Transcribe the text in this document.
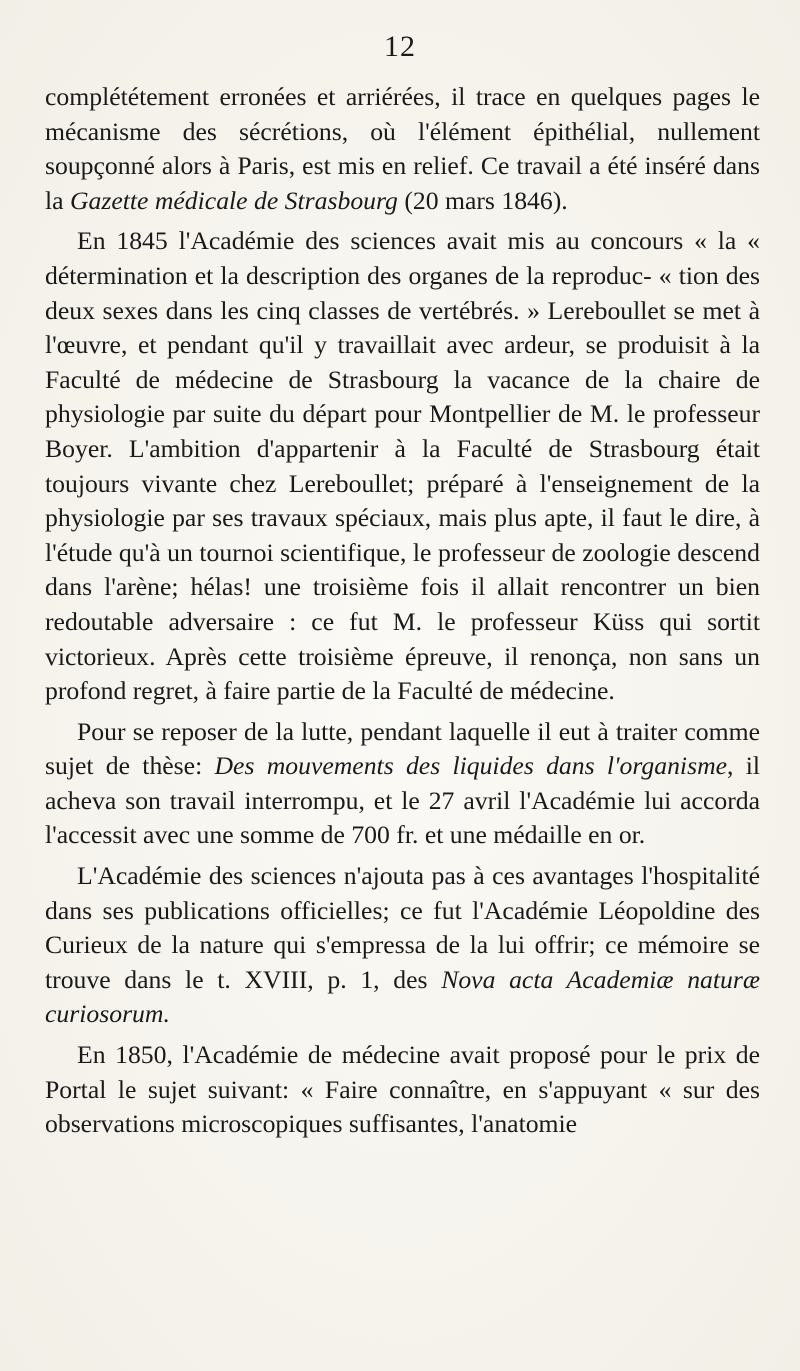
12

complététement erronées et arriérées, il trace en quelques pages le mécanisme des sécrétions, où l'élément épithélial, nullement soupçonné alors à Paris, est mis en relief. Ce travail a été inséré dans la Gazette médicale de Strasbourg (20 mars 1846).

En 1845 l'Académie des sciences avait mis au concours « la « détermination et la description des organes de la reproduc- « tion des deux sexes dans les cinq classes de vertébrés. » Lereboullet se met à l'œuvre, et pendant qu'il y travaillait avec ardeur, se produisit à la Faculté de médecine de Strasbourg la vacance de la chaire de physiologie par suite du départ pour Montpellier de M. le professeur Boyer. L'ambition d'appartenir à la Faculté de Strasbourg était toujours vivante chez Lereboullet; préparé à l'enseignement de la physiologie par ses travaux spéciaux, mais plus apte, il faut le dire, à l'étude qu'à un tournoi scientifique, le professeur de zoologie descend dans l'arène; hélas! une troisième fois il allait rencontrer un bien redoutable adversaire : ce fut M. le professeur Küss qui sortit victorieux. Après cette troisième épreuve, il renonça, non sans un profond regret, à faire partie de la Faculté de médecine.

Pour se reposer de la lutte, pendant laquelle il eut à traiter comme sujet de thèse: Des mouvements des liquides dans l'organisme, il acheva son travail interrompu, et le 27 avril l'Académie lui accorda l'accessit avec une somme de 700 fr. et une médaille en or.

L'Académie des sciences n'ajouta pas à ces avantages l'hospitalité dans ses publications officielles; ce fut l'Académie Léopoldine des Curieux de la nature qui s'empressa de la lui offrir; ce mémoire se trouve dans le t. XVIII, p. 1, des Nova acta Academiæ naturæ curiosorum.

En 1850, l'Académie de médecine avait proposé pour le prix de Portal le sujet suivant: « Faire connaître, en s'appuyant « sur des observations microscopiques suffisantes, l'anatomie
